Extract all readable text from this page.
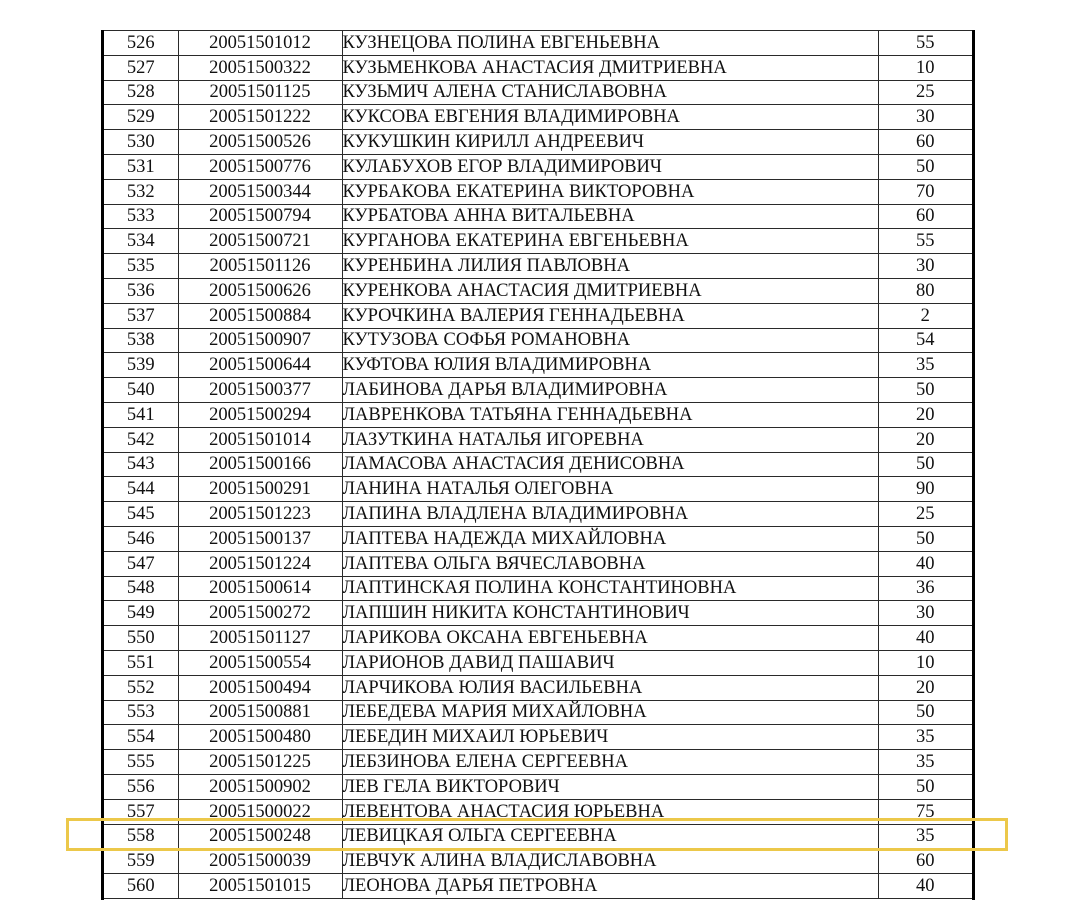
526	20051501012	КУЗНЕЦОВА ПОЛИНА ЕВГЕНЬЕВНА	55
527	20051500322	КУЗЬМЕНКОВА АНАСТАСИЯ ДМИТРИЕВНА	10
528	20051501125	КУЗЬМИЧ АЛЕНА СТАНИСЛАВОВНА	25
529	20051501222	КУКСОВА ЕВГЕНИЯ ВЛАДИМИРОВНА	30
530	20051500526	КУКУШКИН КИРИЛЛ АНДРЕЕВИЧ	60
531	20051500776	КУЛАБУХОВ ЕГОР ВЛАДИМИРОВИЧ	50
532	20051500344	КУРБАКОВА ЕКАТЕРИНА ВИКТОРОВНА	70
533	20051500794	КУРБАТОВА АННА ВИТАЛЬЕВНА	60
534	20051500721	КУРГАНОВА ЕКАТЕРИНА ЕВГЕНЬЕВНА	55
535	20051501126	КУРЕНБИНА ЛИЛИЯ ПАВЛОВНА	30
536	20051500626	КУРЕНКОВА АНАСТАСИЯ ДМИТРИЕВНА	80
537	20051500884	КУРОЧКИНА ВАЛЕРИЯ ГЕННАДЬЕВНА	2
538	20051500907	КУТУЗОВА СОФЬЯ РОМАНОВНА	54
539	20051500644	КУФТОВА ЮЛИЯ ВЛАДИМИРОВНА	35
540	20051500377	ЛАБИНОВА ДАРЬЯ ВЛАДИМИРОВНА	50
541	20051500294	ЛАВРЕНКОВА ТАТЬЯНА ГЕННАДЬЕВНА	20
542	20051501014	ЛАЗУТКИНА НАТАЛЬЯ ИГОРЕВНА	20
543	20051500166	ЛАМАСОВА АНАСТАСИЯ ДЕНИСОВНА	50
544	20051500291	ЛАНИНА НАТАЛЬЯ ОЛЕГОВНА	90
545	20051501223	ЛАПИНА ВЛАДЛЕНА ВЛАДИМИРОВНА	25
546	20051500137	ЛАПТЕВА НАДЕЖДА МИХАЙЛОВНА	50
547	20051501224	ЛАПТЕВА ОЛЬГА ВЯЧЕСЛАВОВНА	40
548	20051500614	ЛАПТИНСКАЯ ПОЛИНА КОНСТАНТИНОВНА	36
549	20051500272	ЛАПШИН НИКИТА КОНСТАНТИНОВИЧ	30
550	20051501127	ЛАРИКОВА ОКСАНА ЕВГЕНЬЕВНА	40
551	20051500554	ЛАРИОНОВ ДАВИД ПАШАВИЧ	10
552	20051500494	ЛАРЧИКОВА ЮЛИЯ ВАСИЛЬЕВНА	20
553	20051500881	ЛЕБЕДЕВА МАРИЯ МИХАЙЛОВНА	50
554	20051500480	ЛЕБЕДИН МИХАИЛ ЮРЬЕВИЧ	35
555	20051501225	ЛЕБЗИНОВА ЕЛЕНА СЕРГЕЕВНА	35
556	20051500902	ЛЕВ ГЕЛА ВИКТОРОВИЧ	50
557	20051500022	ЛЕВЕНТОВА АНАСТАСИЯ ЮРЬЕВНА	75
558	20051500248	ЛЕВИЦКАЯ ОЛЬГА СЕРГЕЕВНА	35
559	20051500039	ЛЕВЧУК АЛИНА ВЛАДИСЛАВОВНА	60
560	20051501015	ЛЕОНОВА ДАРЬЯ ПЕТРОВНА	40
